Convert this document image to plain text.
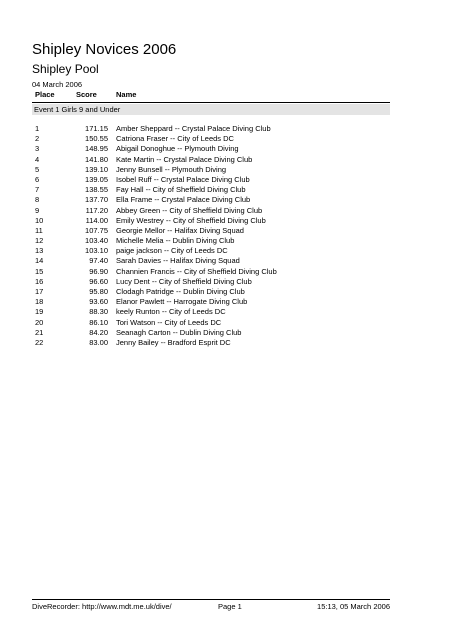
Shipley Novices 2006
Shipley Pool
04 March 2006
Place	Score	Name
Event 1 Girls 9 and Under
1	171.15 Amber Sheppard -- Crystal Palace Diving Club
2	150.55 Catriona Fraser -- City of Leeds DC
3	148.95 Abigail Donoghue -- Plymouth Diving
4	141.80 Kate Martin -- Crystal Palace Diving Club
5	139.10 Jenny Bunsell -- Plymouth Diving
6	139.05 Isobel Ruff -- Crystal Palace Diving Club
7	138.55 Fay Hall -- City of Sheffield Diving Club
8	137.70 Ella Frame -- Crystal Palace Diving Club
9	117.20 Abbey Green -- City of Sheffield Diving Club
10	114.00 Emily Westrey -- City of Sheffield Diving Club
11	107.75 Georgie Mellor -- Halifax Diving Squad
12	103.40 Michelle Melia -- Dublin Diving Club
13	103.10 paige jackson -- City of Leeds DC
14	97.40 Sarah Davies -- Halifax Diving Squad
15	96.90 Channien Francis -- City of Sheffield Diving Club
16	96.60 Lucy Dent -- City of Sheffield Diving Club
17	95.80 Clodagh Patridge -- Dublin Diving Club
18	93.60 Elanor Pawlett -- Harrogate Diving Club
19	88.30 keely Runton -- City of Leeds DC
20	86.10 Tori Watson -- City of Leeds DC
21	84.20 Seanagh Carton -- Dublin Diving Club
22	83.00 Jenny Bailey -- Bradford Esprit DC
DiveRecorder: http://www.mdt.me.uk/dive/	Page 1	15:13, 05 March 2006
